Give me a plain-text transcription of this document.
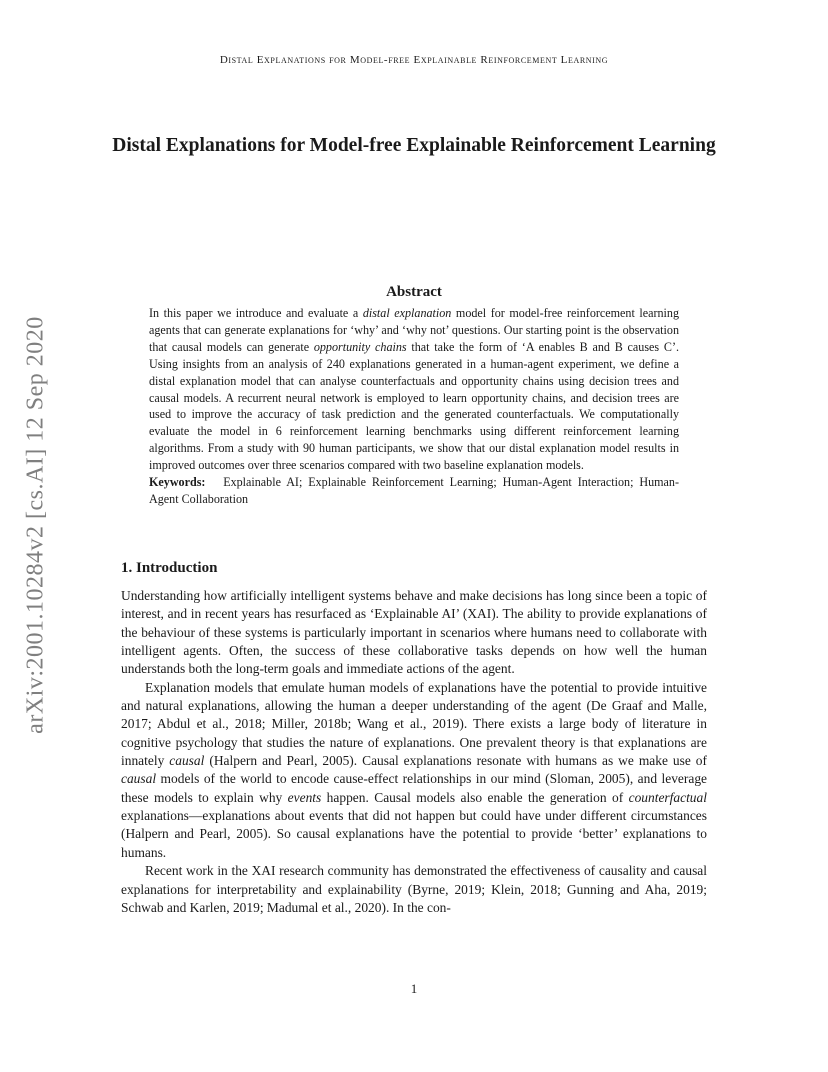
Distal Explanations for Model-free Explainable Reinforcement Learning
Distal Explanations for Model-free Explainable Reinforcement Learning
arXiv:2001.10284v2 [cs.AI] 12 Sep 2020
Abstract

In this paper we introduce and evaluate a distal explanation model for model-free reinforcement learning agents that can generate explanations for ‘why’ and ‘why not’ questions. Our starting point is the observation that causal models can generate opportunity chains that take the form of ‘A enables B and B causes C’. Using insights from an analysis of 240 explanations generated in a human-agent experiment, we define a distal explanation model that can analyse counterfactuals and opportunity chains using decision trees and causal models. A recurrent neural network is employed to learn opportunity chains, and decision trees are used to improve the accuracy of task prediction and the generated counterfactuals. We computationally evaluate the model in 6 reinforcement learning benchmarks using different reinforcement learning algorithms. From a study with 90 human participants, we show that our distal explanation model results in improved outcomes over three scenarios compared with two baseline explanation models.

Keywords: Explainable AI; Explainable Reinforcement Learning; Human-Agent Interaction; Human-Agent Collaboration

1. Introduction

Understanding how artificially intelligent systems behave and make decisions has long since been a topic of interest, and in recent years has resurfaced as ‘Explainable AI’ (XAI). The ability to provide explanations of the behaviour of these systems is particularly important in scenarios where humans need to collaborate with intelligent agents. Often, the success of these collaborative tasks depends on how well the human understands both the long-term goals and immediate actions of the agent.

Explanation models that emulate human models of explanations have the potential to provide intuitive and natural explanations, allowing the human a deeper understanding of the agent (De Graaf and Malle, 2017; Abdul et al., 2018; Miller, 2018b; Wang et al., 2019). There exists a large body of literature in cognitive psychology that studies the nature of explanations. One prevalent theory is that explanations are innately causal (Halpern and Pearl, 2005). Causal explanations resonate with humans as we make use of causal models of the world to encode cause-effect relationships in our mind (Sloman, 2005), and leverage these models to explain why events happen. Causal models also enable the generation of counterfactual explanations—explanations about events that did not happen but could have under different circumstances (Halpern and Pearl, 2005). So causal explanations have the potential to provide ‘better’ explanations to humans.

Recent work in the XAI research community has demonstrated the effectiveness of causality and causal explanations for interpretability and explainability (Byrne, 2019; Klein, 2018; Gunning and Aha, 2019; Schwab and Karlen, 2019; Madumal et al., 2020). In the con-

1
